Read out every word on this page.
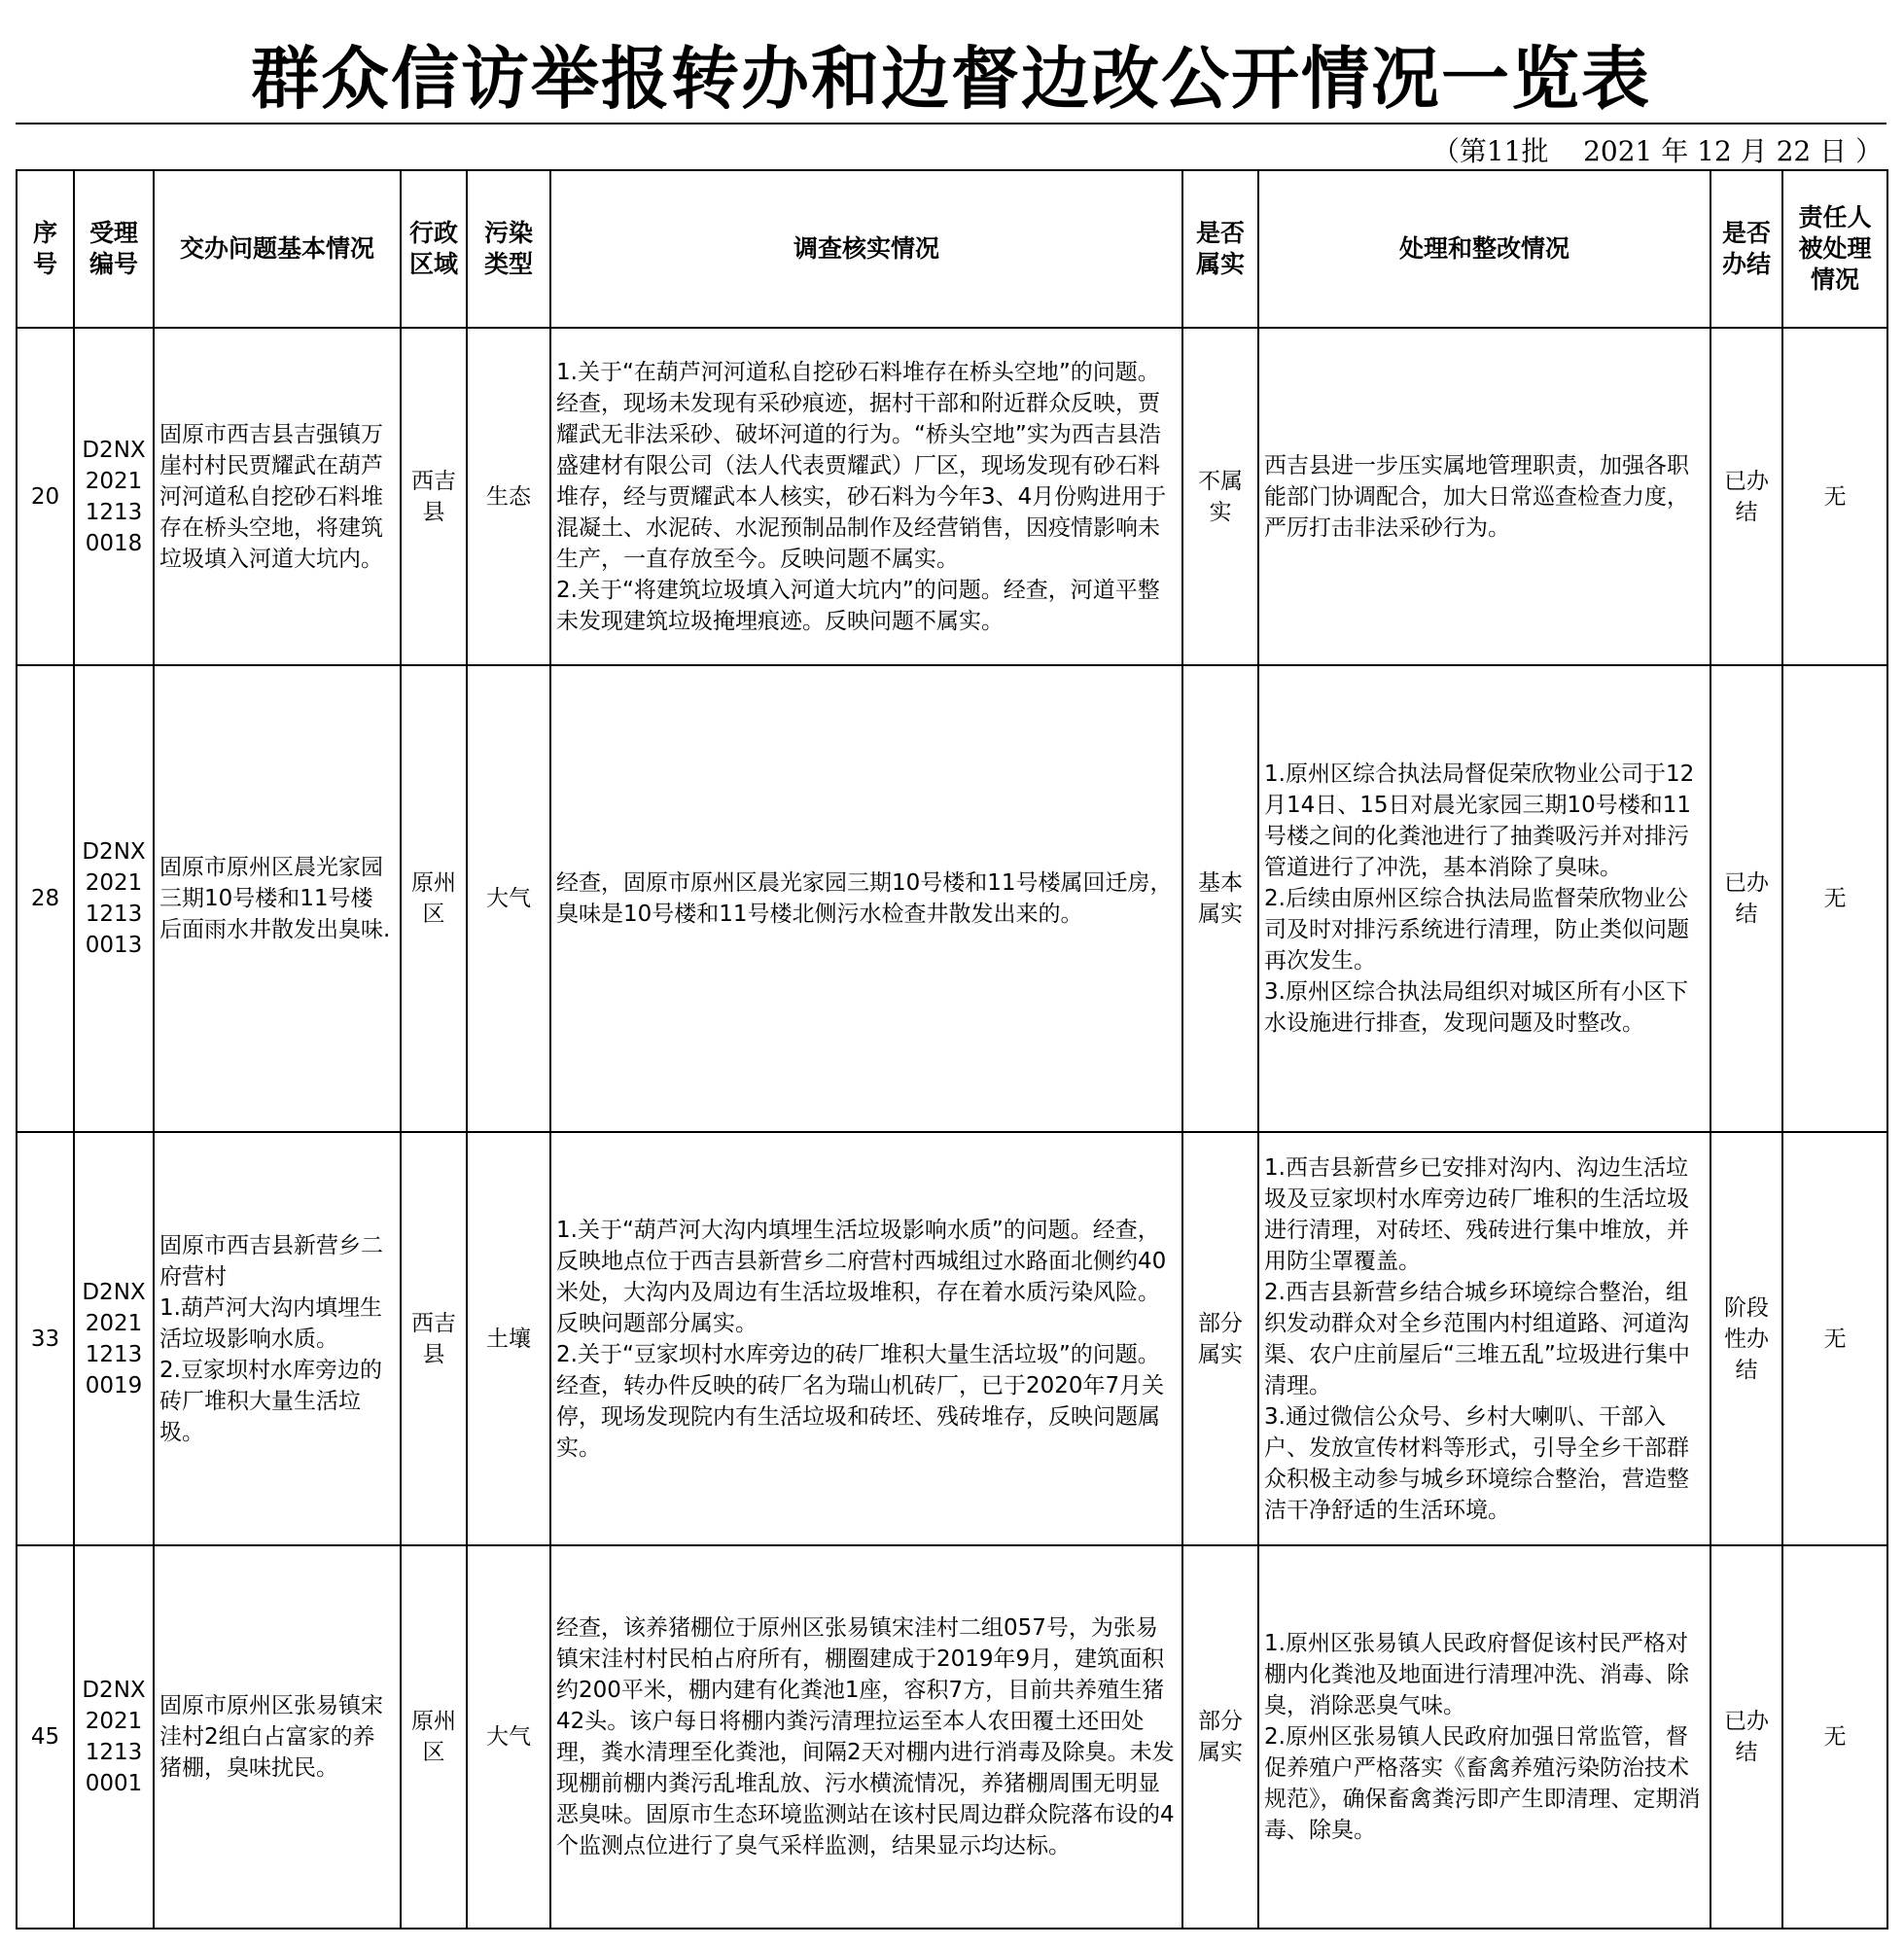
群众信访举报转办和边督边改公开情况一览表
（第11批    2021 年 12 月 22 日 ）
序号	受理编号	交办问题基本情况	行政区域	污染类型	调查核实情况	是否属实	处理和整改情况	是否办结	责任人被处理情况
20	D2NX202112130018	固原市西吉县吉强镇万崖村村民贾耀武在葫芦河河道私自挖砂石料堆存在桥头空地，将建筑垃圾填入河道大坑内。	西吉县	生态	1.关于“在葫芦河河道私自挖砂石料堆存在桥头空地”的问题。经查，现场未发现有采砂痕迹，据村干部和附近群众反映，贾耀武无非法采砂、破坏河道的行为。“桥头空地”实为西吉县浩盛建材有限公司（法人代表贾耀武）厂区，现场发现有砂石料堆存，经与贾耀武本人核实，砂石料为今年3、4月份购进用于混凝土、水泥砖、水泥预制品制作及经营销售，因疫情影响未生产，一直存放至今。反映问题不属实。
2.关于“将建筑垃圾填入河道大坑内”的问题。经查，河道平整未发现建筑垃圾掩埋痕迹。反映问题不属实。	不属实	西吉县进一步压实属地管理职责，加强各职能部门协调配合，加大日常巡查检查力度，严厉打击非法采砂行为。	已办结	无
28	D2NX202112130013	固原市原州区晨光家园三期10号楼和11号楼后面雨水井散发出臭味.	原州区	大气	经查，固原市原州区晨光家园三期10号楼和11号楼属回迁房，臭味是10号楼和11号楼北侧污水检查井散发出来的。	基本属实	1.原州区综合执法局督促荣欣物业公司于12月14日、15日对晨光家园三期10号楼和11号楼之间的化粪池进行了抽粪吸污并对排污管道进行了冲洗，基本消除了臭味。
2.后续由原州区综合执法局监督荣欣物业公司及时对排污系统进行清理，防止类似问题再次发生。
3.原州区综合执法局组织对城区所有小区下水设施进行排查，发现问题及时整改。	已办结	无
33	D2NX202112130019	固原市西吉县新营乡二府营村
1.葫芦河大沟内填埋生活垃圾影响水质。
2.豆家坝村水库旁边的砖厂堆积大量生活垃圾。	西吉县	土壤	1.关于“葫芦河大沟内填埋生活垃圾影响水质”的问题。经查，反映地点位于西吉县新营乡二府营村西城组过水路面北侧约40米处，大沟内及周边有生活垃圾堆积，存在着水质污染风险。反映问题部分属实。
2.关于“豆家坝村水库旁边的砖厂堆积大量生活垃圾”的问题。经查，转办件反映的砖厂名为瑞山机砖厂，已于2020年7月关停，现场发现院内有生活垃圾和砖坯、残砖堆存，反映问题属实。	部分属实	1.西吉县新营乡已安排对沟内、沟边生活垃圾及豆家坝村水库旁边砖厂堆积的生活垃圾进行清理，对砖坯、残砖进行集中堆放，并用防尘罩覆盖。
2.西吉县新营乡结合城乡环境综合整治，组织发动群众对全乡范围内村组道路、河道沟渠、农户庄前屋后“三堆五乱”垃圾进行集中清理。
3.通过微信公众号、乡村大喇叭、干部入户、发放宣传材料等形式，引导全乡干部群众积极主动参与城乡环境综合整治，营造整洁干净舒适的生活环境。	阶段性办结	无
45	D2NX202112130001	固原市原州区张易镇宋洼村2组白占富家的养猪棚，臭味扰民。	原州区	大气	经查，该养猪棚位于原州区张易镇宋洼村二组057号，为张易镇宋洼村村民柏占府所有，棚圈建成于2019年9月，建筑面积约200平米，棚内建有化粪池1座，容积7方，目前共养殖生猪42头。该户每日将棚内粪污清理拉运至本人农田覆土还田处理，粪水清理至化粪池，间隔2天对棚内进行消毒及除臭。未发现棚前棚内粪污乱堆乱放、污水横流情况，养猪棚周围无明显恶臭味。固原市生态环境监测站在该村民周边群众院落布设的4个监测点位进行了臭气采样监测，结果显示均达标。	部分属实	1.原州区张易镇人民政府督促该村民严格对棚内化粪池及地面进行清理冲洗、消毒、除臭，消除恶臭气味。
2.原州区张易镇人民政府加强日常监管，督促养殖户严格落实《畜禽养殖污染防治技术规范》，确保畜禽粪污即产生即清理、定期消毒、除臭。	已办结	无
